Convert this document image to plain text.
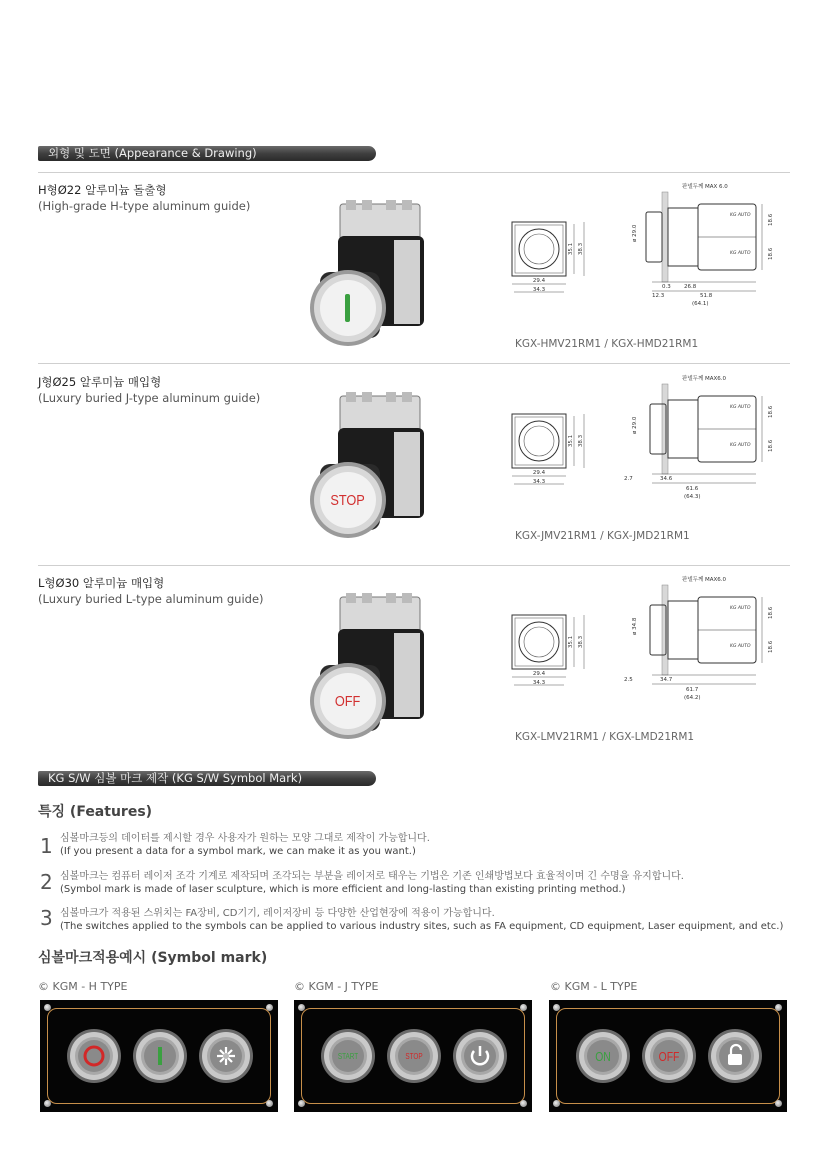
외형 및 도면 (Appearance & Drawing)
H형Ø22 알루미늄 돌출형
(High-grade H-type aluminum guide)
29.4
34.3
35.1 38.3
판넬두께 MAX 6.0
KG AUTO
KG AUTO
ø 29.0
18.6
18.6
0.3 26.8
12.3	51.8
(64.1)
KGX-HMV21RM1 / KGX-HMD21RM1
J형Ø25 알루미늄 매입형
(Luxury buried J-type aluminum guide)
STOP
29.4
34.3
35.1 38.3
판넬두께 MAX6.0
KG AUTO
KG AUTO
ø 29.0
18.6
18.6
2.7	34.6
61.6
(64.3)
KGX-JMV21RM1 / KGX-JMD21RM1
L형Ø30 알루미늄 매입형
(Luxury buried L-type aluminum guide)
OFF
29.4
34.3
35.1 38.3
판넬두께 MAX6.0
KG AUTO
KG AUTO
ø 34.8
18.6
18.6
2.5	34.7
61.7
(64.2)
KGX-LMV21RM1 / KGX-LMD21RM1
KG S/W 심볼 마크 제작 (KG S/W Symbol Mark)
특징 (Features)
1 심볼마크등의 데이터를 제시할 경우 사용자가 원하는 모양 그대로 제작이 가능합니다.
(If you present a data for a symbol mark, we can make it as you want.)
2 심볼마크는 컴퓨터 레이저 조각 기계로 제작되며 조각되는 부분을 레이저로 태우는 기법은 기존 인쇄방법보다 효율적이며 긴 수명을 유지합니다.
(Symbol mark is made of laser sculpture, which is more efficient and long-lasting than existing printing method.)
3 심볼마크가 적용된 스위치는 FA장비, CD기기, 레이저장비 등 다양한 산업현장에 적용이 가능합니다.
(The switches applied to the symbols can be applied to various industry sites, such as FA equipment, CD equipment, Laser equipment, and etc.)
심볼마크적용예시 (Symbol mark)
© KGM - H TYPE	© KGM - J TYPE	© KGM - L TYPE
START	STOP	ON	OFF
